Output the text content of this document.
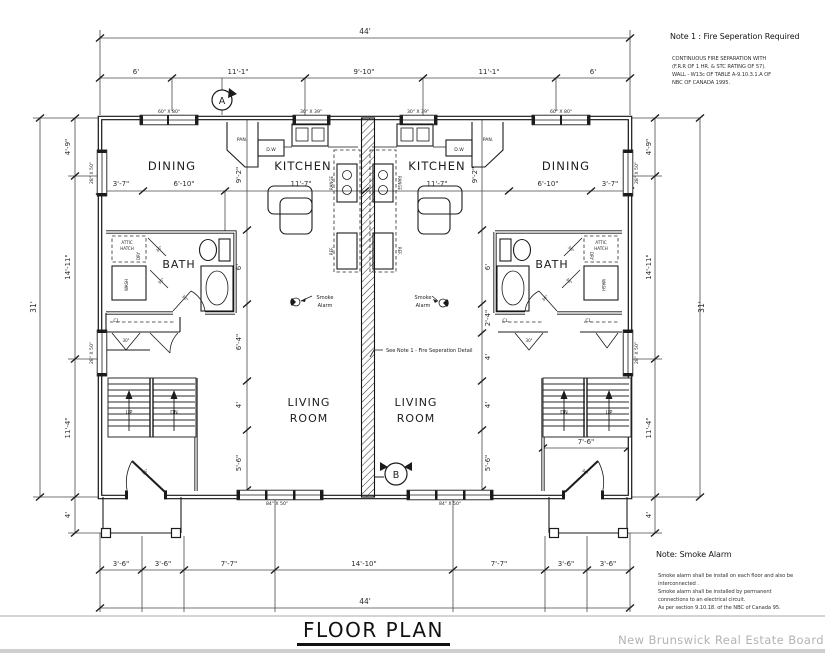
44'
44'
31'	31'
6'	11'-1"	9'-10"	11'-1"	6'
3'-6"	3'-6"	7'-7"	14'-10"	7'-7"	3'-6"	3'-6"
4'-9"
14'-11"
11'-4"
4'
4'-9"
14'-11"
11'-4"
4'
9'-2"
6'
6'-4"
4'
5'-6"
9'-2"
6'
2'-4"
4'
4'
5'-6"
3'-7"	6'-10"	11'-7"	11'-7"	6'-10"	3'-7"
7'-6"
DINING	KITCHEN	KITCHEN	DINING
BATH	BATH
LIVING
ROOM
LIVING
ROOM
60" X 80"	60" X 80"
30" X 39"	30" X 39"
28" X 50"
28" X 50"
28" X 50"
28" X 50"
84" X 50"	84" X 50"
36"	36"
30"
30"
30"
30"
30"
30"
30"
30"
PAN.	PAN.
D.W	D.W
RANGE	RANGE
REF.	REF.
ATTIC
HATCH
ATTIC
HATCH
DRY	DRY
WASH	WASH
CL.	CL.	CL.
UP	DN	DN	UP
Smoke
Alarm
Smoke
Alarm
See Note 1 - Fire Seperation Detail
A
B
Note 1 : Fire Seperation Required
CONTINUOUS FIRE SEPARATION WITH
(F.R.R OF 1 HR. & STC RATING OF 57).
WALL - W13c OF TABLE A-9.10.3.1.A OF
NBC OF CANADA 1995.
Note: Smoke Alarm
Smoke alarm shall be install on each floor and also be
interconnected .
Smoke alarm shall be installed by permanent
connections to an electrical circuit.
As per section 9.10.18. of the NBC of Canada 95.
FLOOR PLAN	New Brunswick Real Estate Board
